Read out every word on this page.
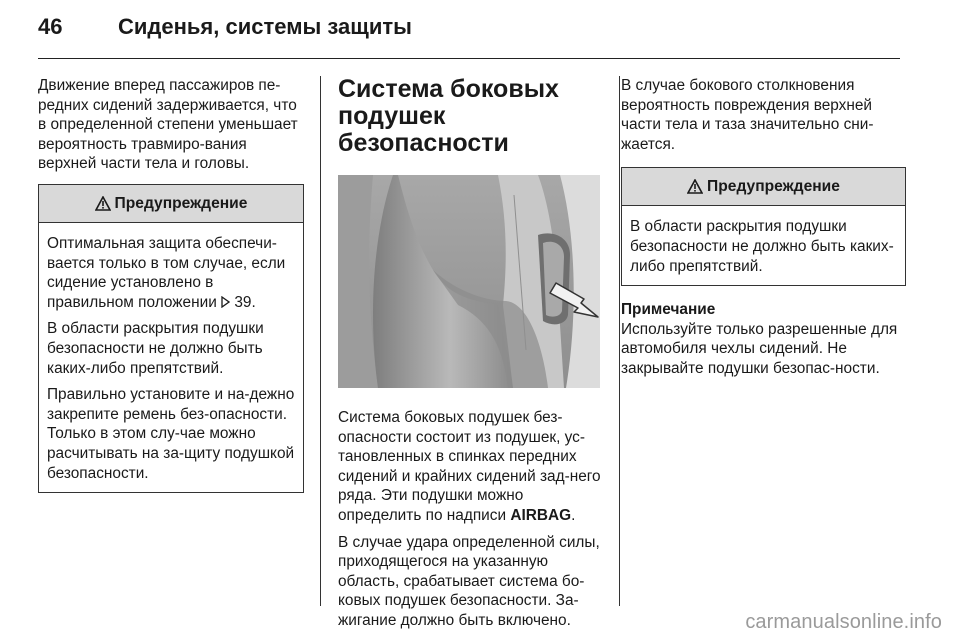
46	Сиденья, системы защиты

Движение вперед пассажиров пе-редних сидений задерживается, что в определенной степени уменьшает вероятность травмиро-вания верхней части тела и головы.

Предупреждение

Оптимальная защита обеспечи-вается только в том случае, если сидение установлено в правильном положении 39.

В области раскрытия подушки безопасности не должно быть каких-либо препятствий.

Правильно установите и на-дежно закрепите ремень без-опасности. Только в этом слу-чае можно расчитывать на за-щиту подушкой безопасности.

Система боковых подушек безопасности

Система боковых подушек без-опасности состоит из подушек, ус-тановленных в спинках передних сидений и крайних сидений зад-него ряда. Эти подушки можно определить по надписи AIRBAG.

В случае удара определенной силы, приходящегося на указанную область, срабатывает система бо-ковых подушек безопасности. За-жигание должно быть включено.

В случае бокового столкновения вероятность повреждения верхней части тела и таза значительно сни-жается.

Предупреждение

В области раскрытия подушки безопасности не должно быть каких-либо препятствий.

Примечание

Используйте только разрешенные для автомобиля чехлы сидений. Не закрывайте подушки безопас-ности.

carmanualsonline.info
